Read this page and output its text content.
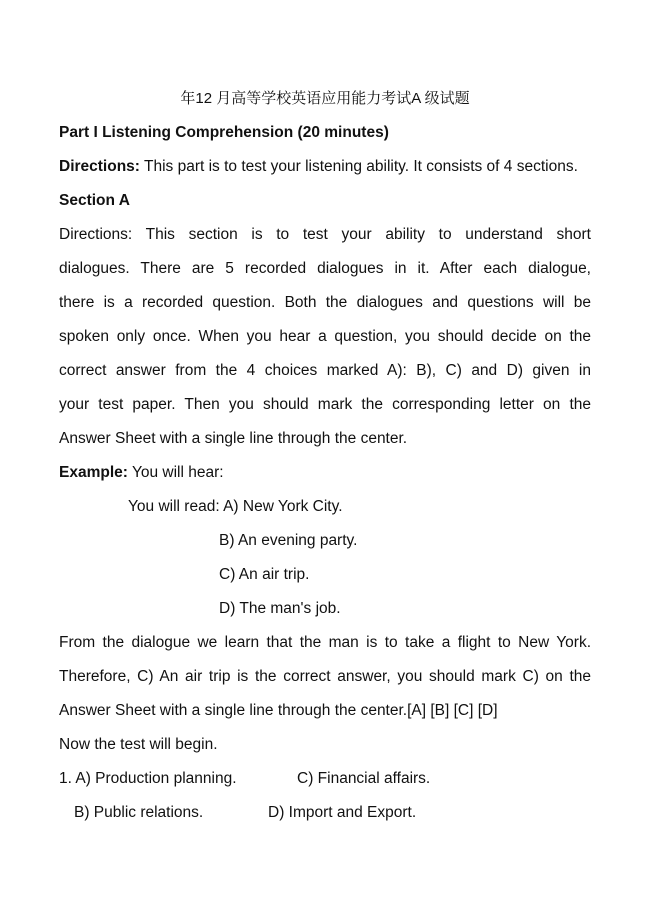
年12 月高等学校英语应用能力考试A 级试题
Part I Listening Comprehension (20 minutes)
Directions: This part is to test your listening ability. It consists of 4 sections.
Section A
Directions: This section is to test your ability to understand short
dialogues. There are 5 recorded dialogues in it. After each dialogue,
there is a recorded question. Both the dialogues and questions will be
spoken only once. When you hear a question, you should decide on the
correct answer from the 4 choices marked A): B), C) and D) given in
your test paper. Then you should mark the corresponding letter on the
Answer Sheet with a single line through the center.
Example: You will hear:
You will read: A) New York City.
B) An evening party.
C) An air trip.
D) The man's job.
From the dialogue we learn that the man is to take a flight to New York.
Therefore, C) An air trip is the correct answer, you should mark C) on the
Answer Sheet with a single line through the center.[A] [B] [C] [D]
Now the test will begin.
1. A) Production planning.	C) Financial affairs.
B) Public relations.	D) Import and Export.
